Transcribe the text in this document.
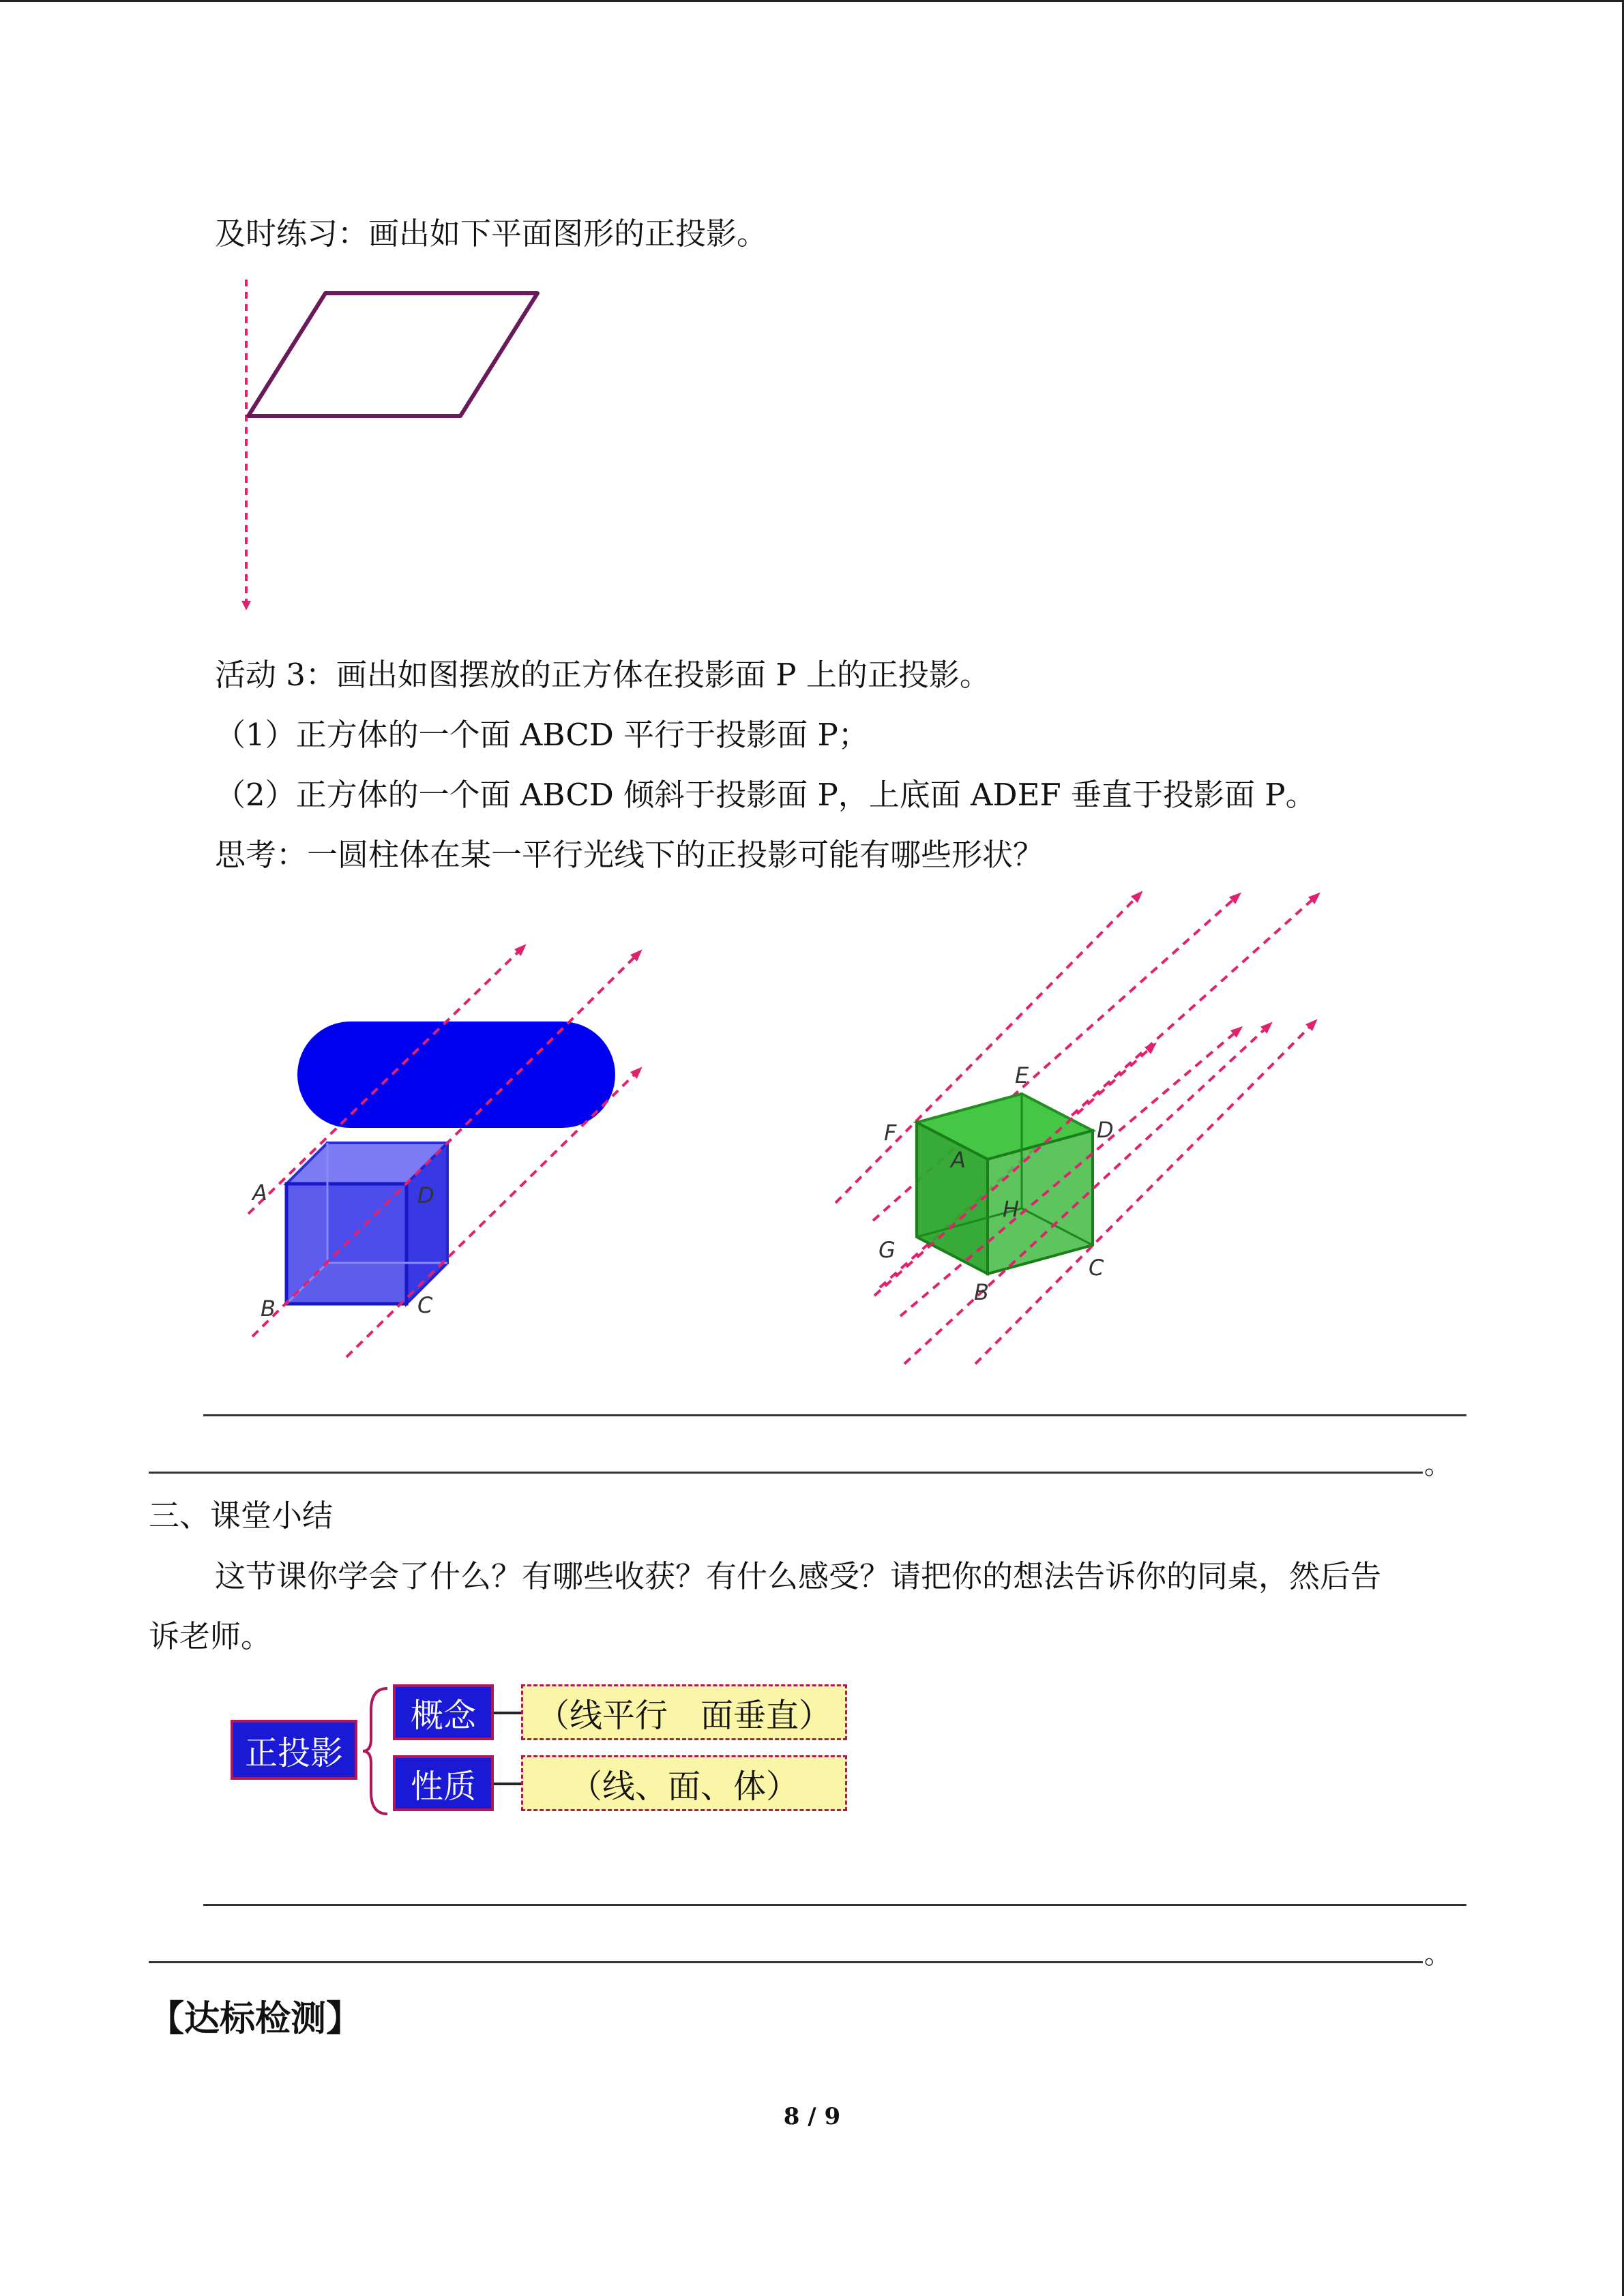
及时练习：画出如下平面图形的正投影。
活动 3：画出如图摆放的正方体在投影面 P 上的正投影。
（1）正方体的一个面 ABCD 平行于投影面 P；
（2）正方体的一个面 ABCD 倾斜于投影面 P，上底面 ADEF 垂直于投影面 P。
思考：一圆柱体在某一平行光线下的正投影可能有哪些形状？
A	D
B	C
E
F	D
A
H
G
C
B
。
三、课堂小结
这节课你学会了什么？有哪些收获？有什么感受？请把你的想法告诉你的同桌，然后告
诉老师。
正投影
概念
性质
（线平行　面垂直）
（线、面、体）
。
【达标检测】
8 / 9
